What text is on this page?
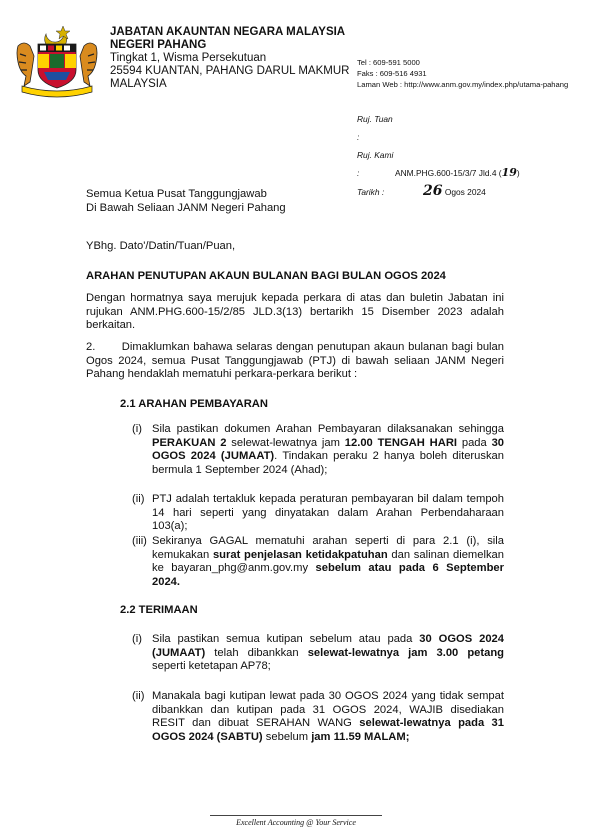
JABATAN AKAUNTAN NEGARA MALAYSIA
NEGERI PAHANG
Tingkat 1, Wisma Persekutuan
25594 KUANTAN, PAHANG DARUL MAKMUR
MALAYSIA
Tel : 609-591 5000
Faks : 609-516 4931
Laman Web : http://www.anm.gov.my/index.php/utama-pahang
Ruj. Tuan :
Ruj. Kami :	ANM.PHG.600-15/3/7 Jld.4 (19)
Tarikh :	26 Ogos 2024
Semua Ketua Pusat Tanggungjawab
Di Bawah Seliaan JANM Negeri Pahang
YBhg. Dato'/Datin/Tuan/Puan,
ARAHAN PENUTUPAN AKAUN BULANAN BAGI BULAN OGOS 2024
Dengan hormatnya saya merujuk kepada perkara di atas dan buletin Jabatan ini rujukan ANM.PHG.600-15/2/85 JLD.3(13) bertarikh 15 Disember 2023 adalah berkaitan.
2. Dimaklumkan bahawa selaras dengan penutupan akaun bulanan bagi bulan Ogos 2024, semua Pusat Tanggungjawab (PTJ) di bawah seliaan JANM Negeri Pahang hendaklah mematuhi perkara-perkara berikut :
2.1 ARAHAN PEMBAYARAN
(i) Sila pastikan dokumen Arahan Pembayaran dilaksanakan sehingga PERAKUAN 2 selewat-lewatnya jam 12.00 TENGAH HARI pada 30 OGOS 2024 (JUMAAT). Tindakan peraku 2 hanya boleh diteruskan bermula 1 September 2024 (Ahad);
(ii) PTJ adalah tertakluk kepada peraturan pembayaran bil dalam tempoh 14 hari seperti yang dinyatakan dalam Arahan Perbendaharaan 103(a);
(iii) Sekiranya GAGAL mematuhi arahan seperti di para 2.1 (i), sila kemukakan surat penjelasan ketidakpatuhan dan salinan diemelkan ke bayaran_phg@anm.gov.my sebelum atau pada 6 September 2024.
2.2 TERIMAAN
(i) Sila pastikan semua kutipan sebelum atau pada 30 OGOS 2024 (JUMAAT) telah dibankkan selewat-lewatnya jam 3.00 petang seperti ketetapan AP78;
(ii) Manakala bagi kutipan lewat pada 30 OGOS 2024 yang tidak sempat dibankkan dan kutipan pada 31 OGOS 2024, WAJIB disediakan RESIT dan dibuat SERAHAN WANG selewat-lewatnya pada 31 OGOS 2024 (SABTU) sebelum jam 11.59 MALAM;
Excellent Accounting @ Your Service
